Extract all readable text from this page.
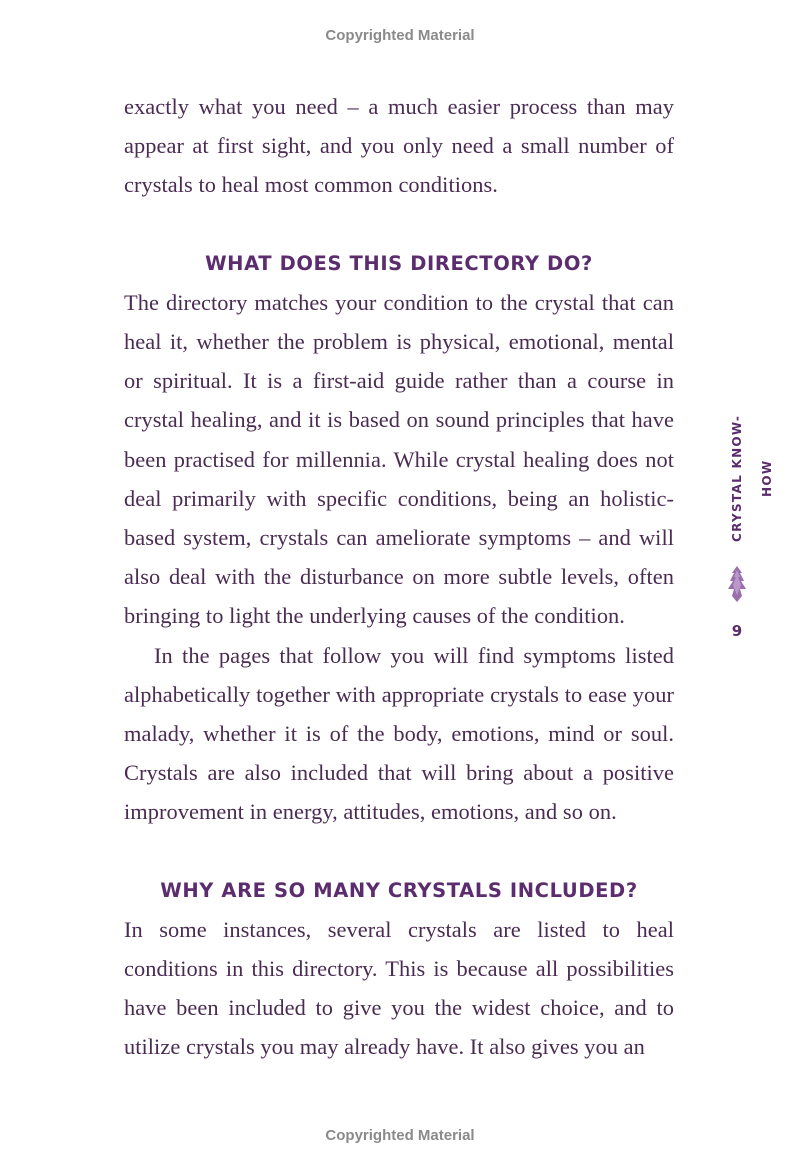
Copyrighted Material

exactly what you need – a much easier process than may appear at first sight, and you only need a small number of crystals to heal most common conditions.

WHAT DOES THIS DIRECTORY DO?

The directory matches your condition to the crystal that can heal it, whether the problem is physical, emotional, mental or spiritual. It is a first-aid guide rather than a course in crystal healing, and it is based on sound principles that have been practised for millennia. While crystal healing does not deal primarily with specific conditions, being an holistic-based system, crystals can ameliorate symptoms – and will also deal with the disturbance on more subtle levels, often bringing to light the underlying causes of the condition.

In the pages that follow you will find symptoms listed alphabetically together with appropriate crystals to ease your malady, whether it is of the body, emotions, mind or soul. Crystals are also included that will bring about a positive improvement in energy, attitudes, emotions, and so on.

WHY ARE SO MANY CRYSTALS INCLUDED?

In some instances, several crystals are listed to heal conditions in this directory. This is because all possibilities have been included to give you the widest choice, and to utilize crystals you may already have. It also gives you an

CRYSTAL KNOW-HOW
9
Copyrighted Material
